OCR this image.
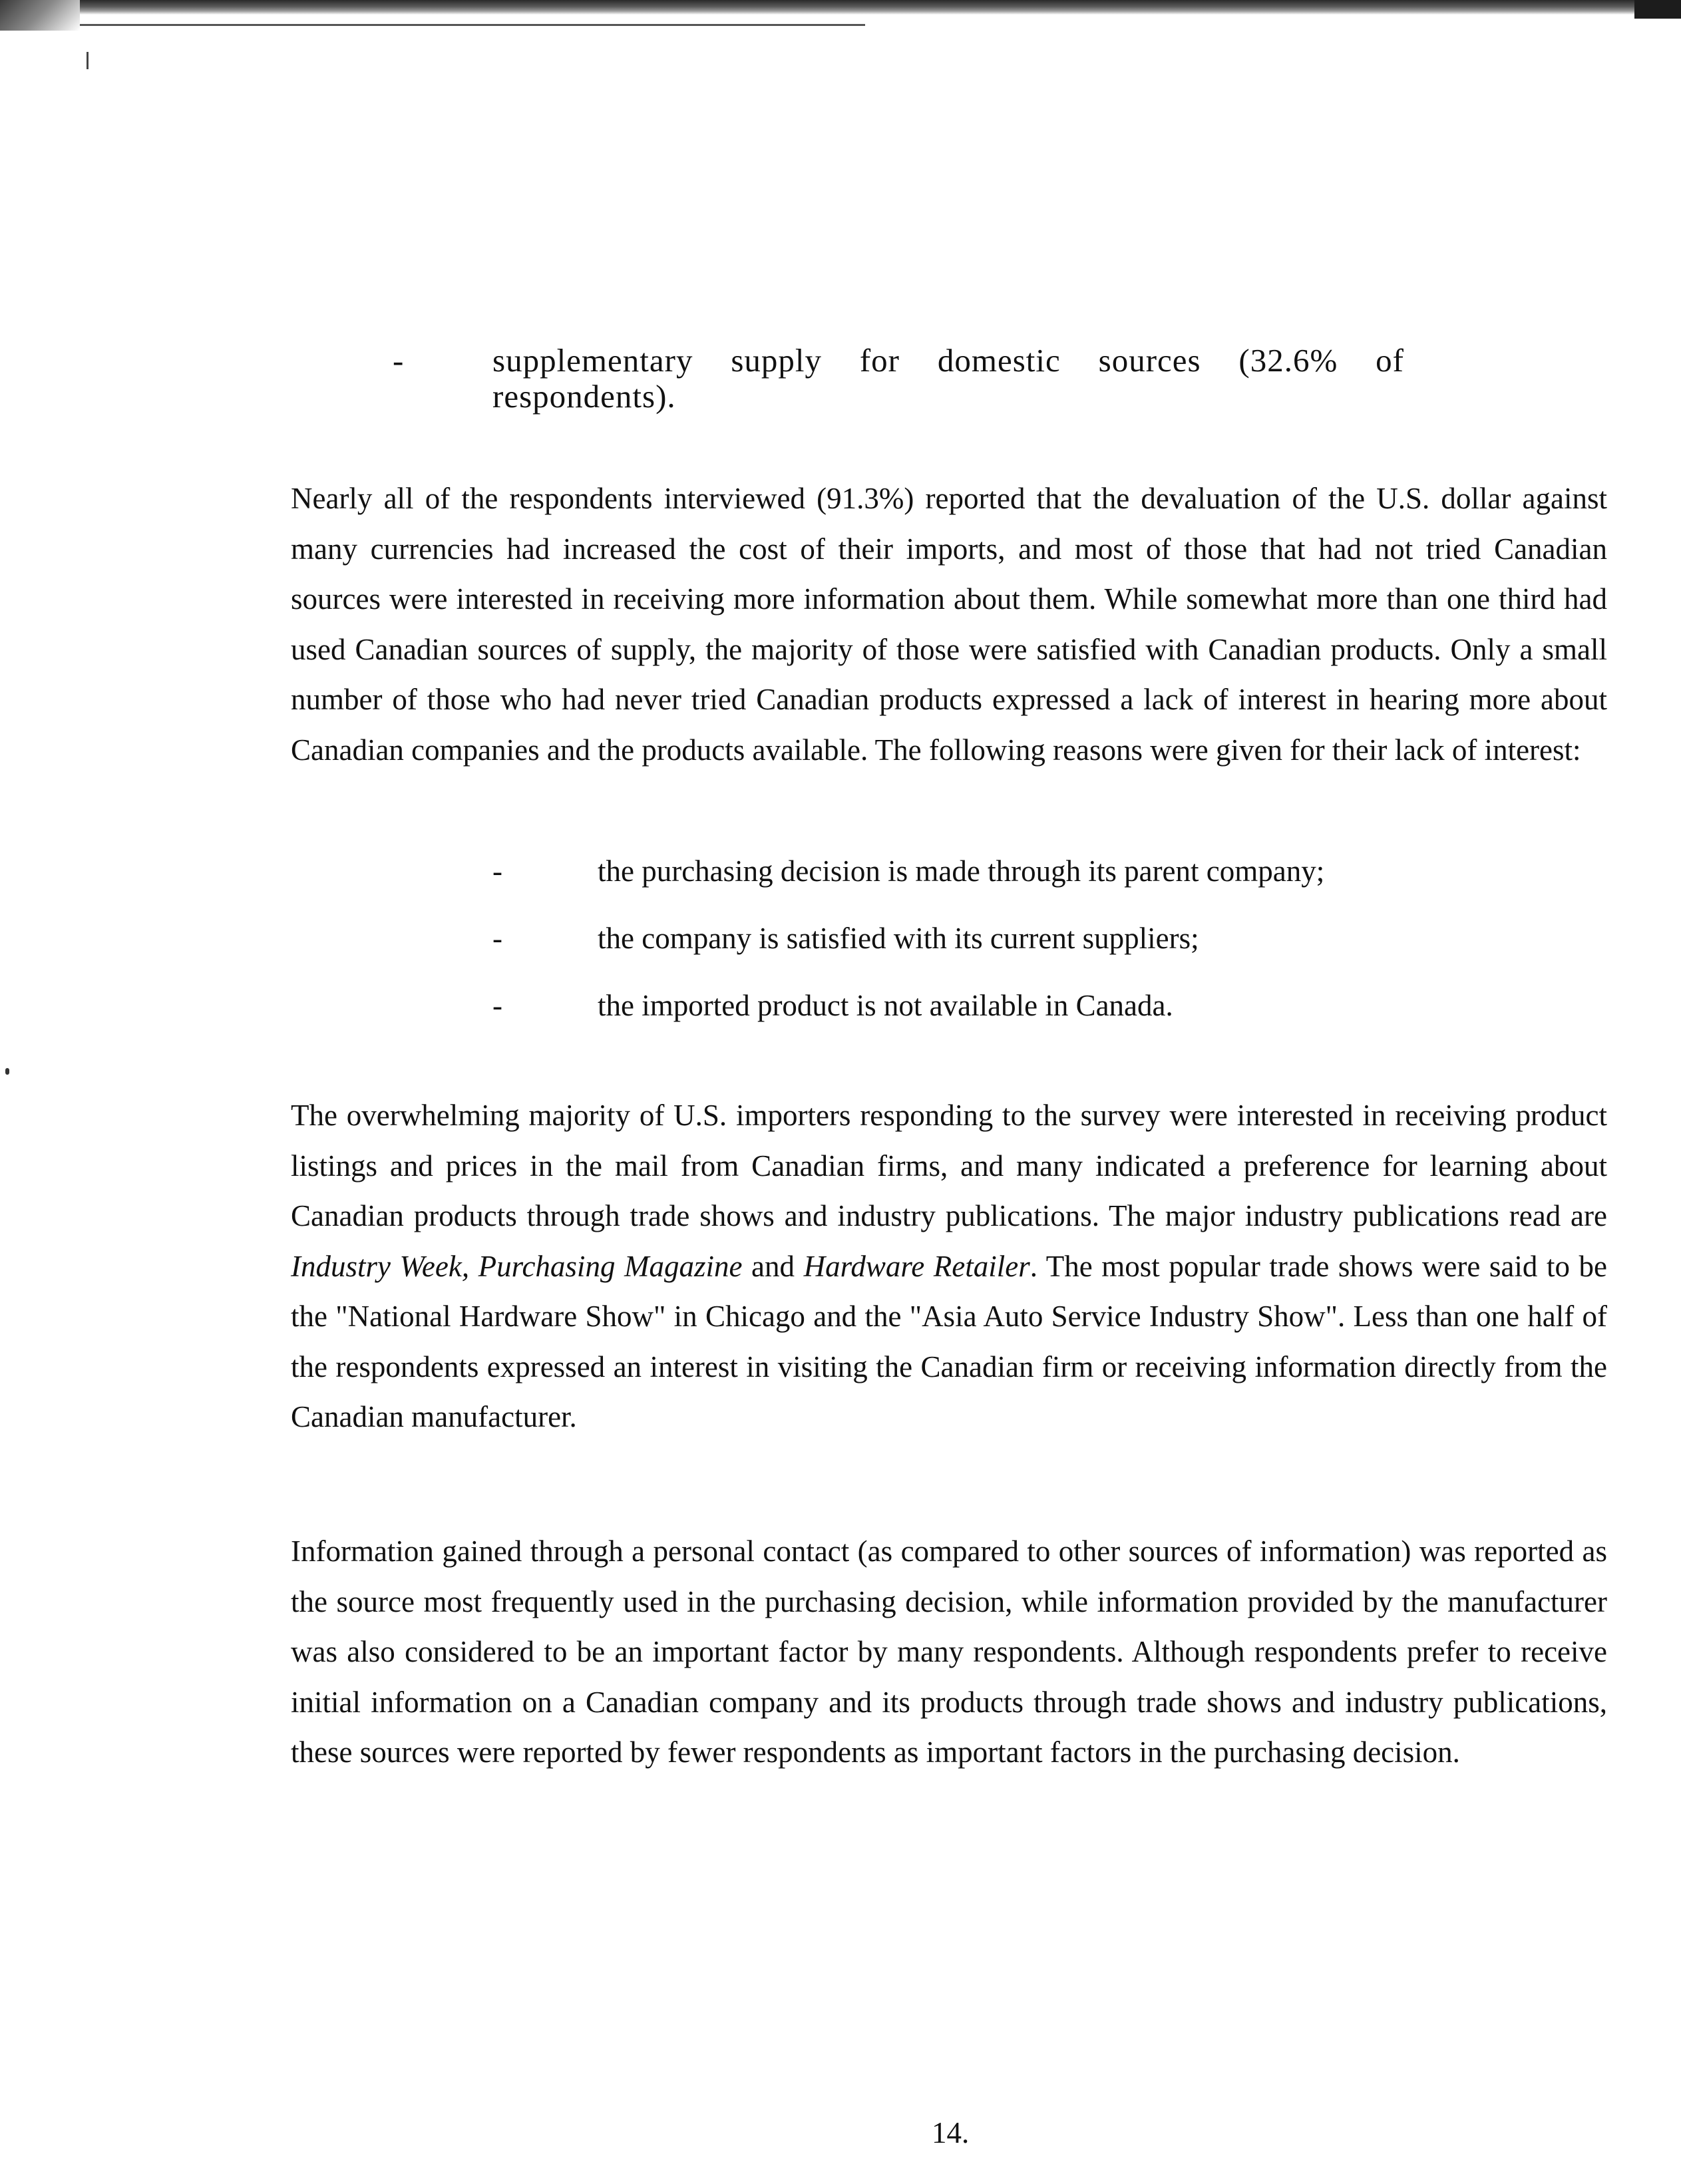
-	supplementary supply for domestic sources (32.6% of respondents).

Nearly all of the respondents interviewed (91.3%) reported that the devaluation of the U.S. dollar against many currencies had increased the cost of their imports, and most of those that had not tried Canadian sources were interested in receiving more information about them. While somewhat more than one third had used Canadian sources of supply, the majority of those were satisfied with Canadian products. Only a small number of those who had never tried Canadian products expressed a lack of interest in hearing more about Canadian companies and the products available. The following reasons were given for their lack of interest:

-	the purchasing decision is made through its parent company;
-	the company is satisfied with its current suppliers;
-	the imported product is not available in Canada.

The overwhelming majority of U.S. importers responding to the survey were interested in receiving product listings and prices in the mail from Canadian firms, and many indicated a preference for learning about Canadian products through trade shows and industry publications. The major industry publications read are Industry Week, Purchasing Magazine and Hardware Retailer. The most popular trade shows were said to be the "National Hardware Show" in Chicago and the "Asia Auto Service Industry Show". Less than one half of the respondents expressed an interest in visiting the Canadian firm or receiving information directly from the Canadian manufacturer.

Information gained through a personal contact (as compared to other sources of information) was reported as the source most frequently used in the purchasing decision, while information provided by the manufacturer was also considered to be an important factor by many respondents. Although respondents prefer to receive initial information on a Canadian company and its products through trade shows and industry publications, these sources were reported by fewer respondents as important factors in the purchasing decision.

14.
